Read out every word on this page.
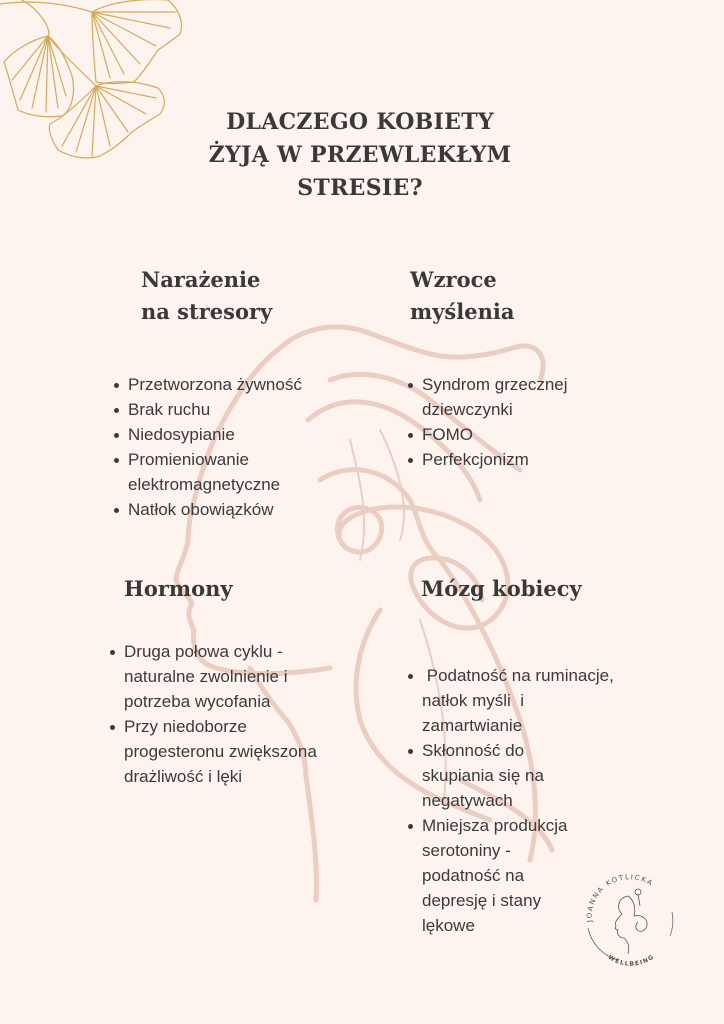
DLACZEGO KOBIETY
ŻYJĄ W PRZEWLEKŁYM
STRESIE?
Narażenie
na stresory
Przetworzona żywność
Brak ruchu
Niedosypianie
Promieniowanie elektromagnetyczne
Natłok obowiązków
Wzroce
myślenia
Syndrom grzecznej dziewczynki
FOMO
Perfekcjonizm
Hormony
Druga połowa cyklu - naturalne zwolnienie i potrzeba wycofania
Przy niedoborze progesteronu zwiększona drażliwość i lęki
Mózg kobiecy
Podatność na ruminacje, natłok myśli  i zamartwianie
Skłonność do skupiania się na negatywach
Mniejsza produkcja serotoniny - podatność na depresję i stany lękowe	JOANNA KOTLICKA
WELLBEING
